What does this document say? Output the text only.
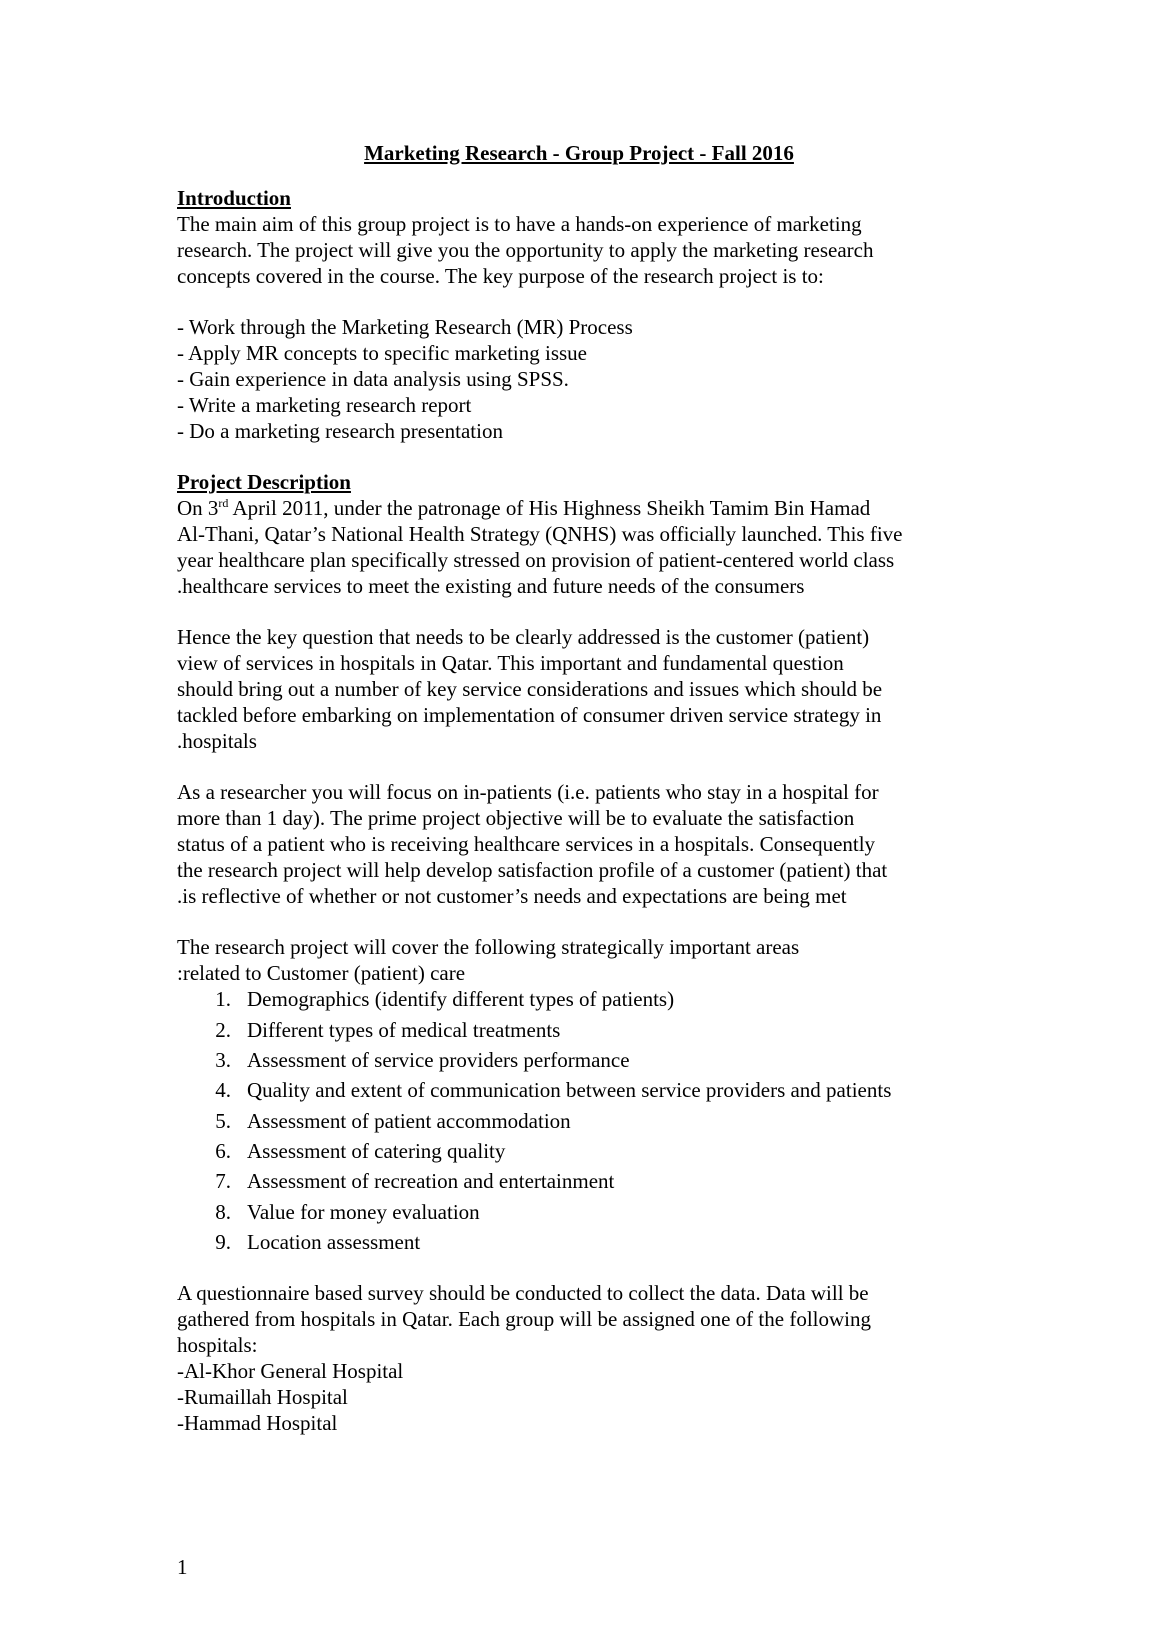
Marketing Research - Group Project - Fall 2016
Introduction
The main aim of this group project is to have a hands-on experience of marketing
research. The project will give you the opportunity to apply the marketing research
concepts covered in the course. The key purpose of the research project is to:
- Work through the Marketing Research (MR) Process
- Apply MR concepts to specific marketing issue
- Gain experience in data analysis using SPSS.
- Write a marketing research report
- Do a marketing research presentation
Project Description
On 3rd April 2011, under the patronage of His Highness Sheikh Tamim Bin Hamad
Al-Thani, Qatar’s National Health Strategy (QNHS) was officially launched. This five
year healthcare plan specifically stressed on provision of patient-centered world class
.healthcare services to meet the existing and future needs of the consumers
Hence the key question that needs to be clearly addressed is the customer (patient)
view of services in hospitals in Qatar. This important and fundamental question
should bring out a number of key service considerations and issues which should be
tackled before embarking on implementation of consumer driven service strategy in
.hospitals
As a researcher you will focus on in-patients (i.e. patients who stay in a hospital for
more than 1 day). The prime project objective will be to evaluate the satisfaction
status of a patient who is receiving healthcare services in a hospitals. Consequently
the research project will help develop satisfaction profile of a customer (patient) that
.is reflective of whether or not customer’s needs and expectations are being met
The research project will cover the following strategically important areas
:related to Customer (patient) care
1. Demographics (identify different types of patients)
2. Different types of medical treatments
3. Assessment of service providers performance
4. Quality and extent of communication between service providers and patients
5. Assessment of patient accommodation
6. Assessment of catering quality
7. Assessment of recreation and entertainment
8. Value for money evaluation
9. Location assessment
A questionnaire based survey should be conducted to collect the data. Data will be
gathered from hospitals in Qatar. Each group will be assigned one of the following
hospitals:
-Al-Khor General Hospital
-Rumaillah Hospital
-Hammad Hospital
1
